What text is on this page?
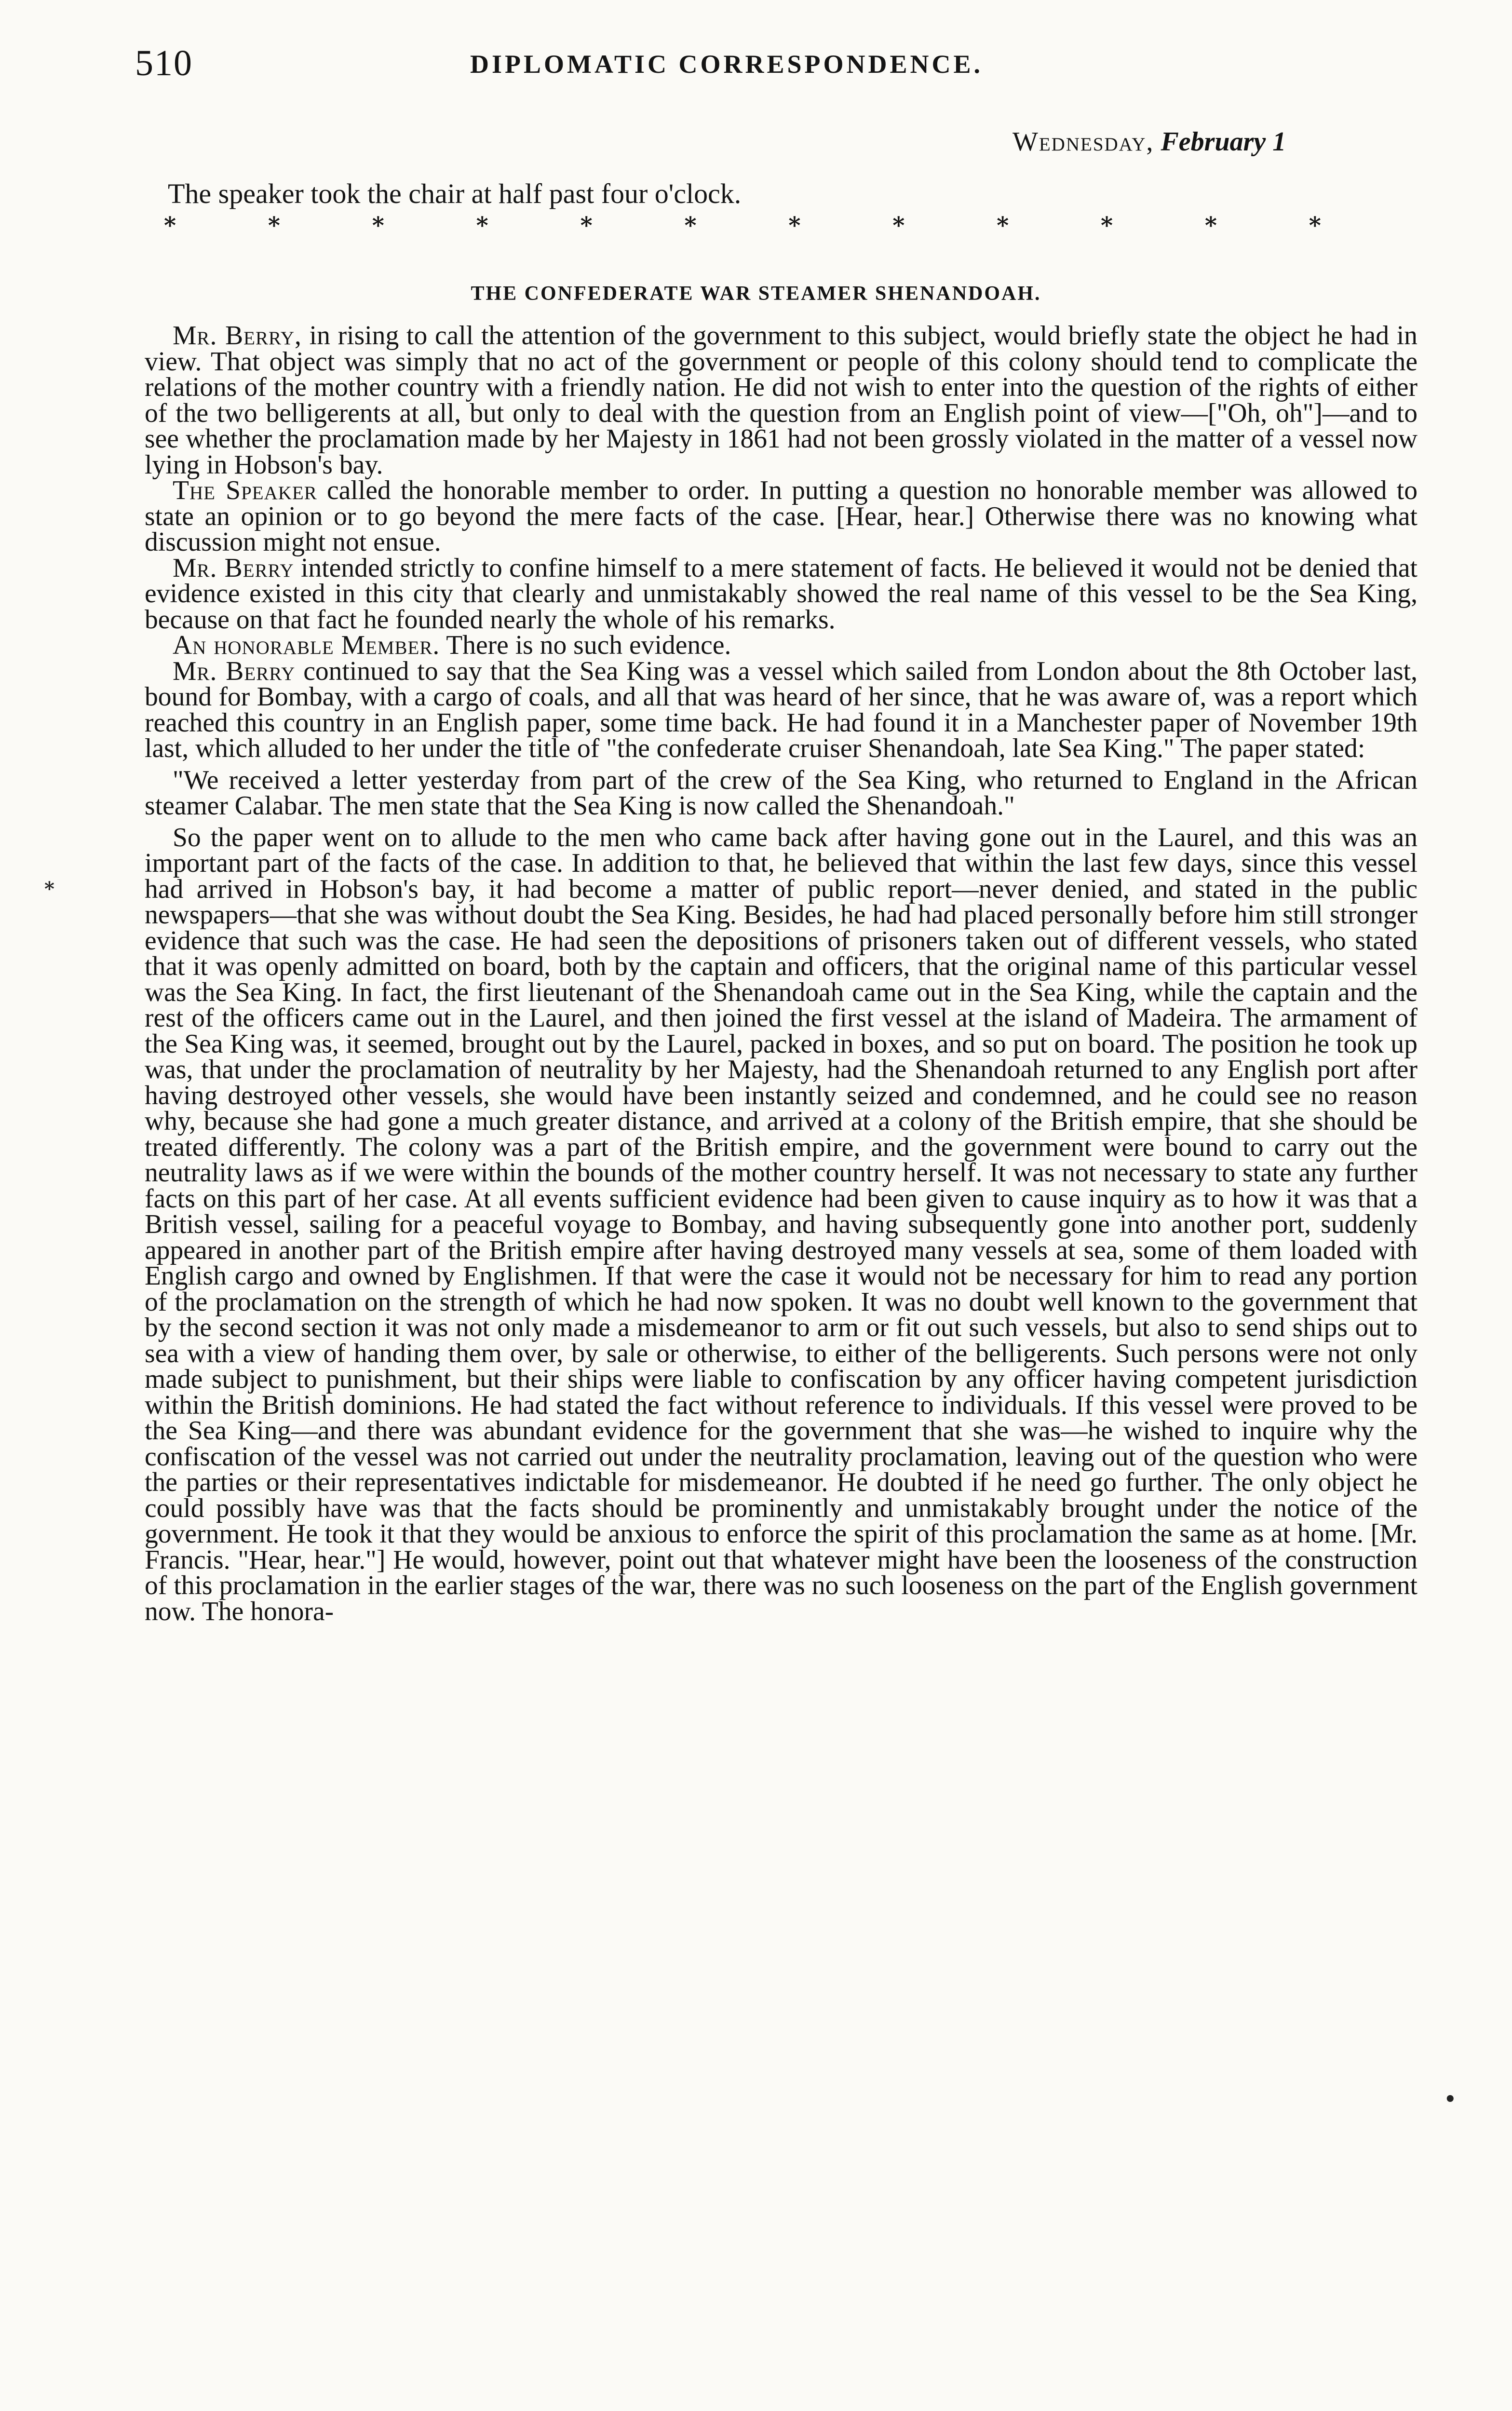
510	DIPLOMATIC CORRESPONDENCE.
Wednesday, February 1
The speaker took the chair at half past four o'clock.
*	*	*	*	*	*	*	*	*	*	*	*
THE CONFEDERATE WAR STEAMER SHENANDOAH.

Mr. Berry, in rising to call the attention of the government to this subject, would briefly state the object he had in view. That object was simply that no act of the government or people of this colony should tend to complicate the relations of the mother country with a friendly nation. He did not wish to enter into the question of the rights of either of the two belligerents at all, but only to deal with the question from an English point of view—["Oh, oh"]—and to see whether the proclamation made by her Majesty in 1861 had not been grossly violated in the matter of a vessel now lying in Hobson's bay.

The Speaker called the honorable member to order. In putting a question no honorable member was allowed to state an opinion or to go beyond the mere facts of the case. [Hear, hear.] Otherwise there was no knowing what discussion might not ensue.

Mr. Berry intended strictly to confine himself to a mere statement of facts. He believed it would not be denied that evidence existed in this city that clearly and unmistakably showed the real name of this vessel to be the Sea King, because on that fact he founded nearly the whole of his remarks.

An honorable Member. There is no such evidence.

Mr. Berry continued to say that the Sea King was a vessel which sailed from London about the 8th October last, bound for Bombay, with a cargo of coals, and all that was heard of her since, that he was aware of, was a report which reached this country in an English paper, some time back. He had found it in a Manchester paper of November 19th last, which alluded to her under the title of "the confederate cruiser Shenandoah, late Sea King." The paper stated:

"We received a letter yesterday from part of the crew of the Sea King, who returned to England in the African steamer Calabar. The men state that the Sea King is now called the Shenandoah."

So the paper went on to allude to the men who came back after having gone out in the Laurel, and this was an important part of the facts of the case. In addition to that, he believed that within the last few days, since this vessel had arrived in Hobson's bay, it had become a matter of public report—never denied, and stated in the public newspapers—that she was without doubt the Sea King. Besides, he had had placed personally before him still stronger evidence that such was the case. He had seen the depositions of prisoners taken out of different vessels, who stated that it was openly admitted on board, both by the captain and officers, that the original name of this particular vessel was the Sea King. In fact, the first lieutenant of the Shenandoah came out in the Sea King, while the captain and the rest of the officers came out in the Laurel, and then joined the first vessel at the island of Madeira. The armament of the Sea King was, it seemed, brought out by the Laurel, packed in boxes, and so put on board. The position he took up was, that under the proclamation of neutrality by her Majesty, had the Shenandoah returned to any English port after having destroyed other vessels, she would have been instantly seized and condemned, and he could see no reason why, because she had gone a much greater distance, and arrived at a colony of the British empire, that she should be treated differently. The colony was a part of the British empire, and the government were bound to carry out the neutrality laws as if we were within the bounds of the mother country herself. It was not necessary to state any further facts on this part of her case. At all events sufficient evidence had been given to cause inquiry as to how it was that a British vessel, sailing for a peaceful voyage to Bombay, and having subsequently gone into another port, suddenly appeared in another part of the British empire after having destroyed many vessels at sea, some of them loaded with English cargo and owned by Englishmen. If that were the case it would not be necessary for him to read any portion of the proclamation on the strength of which he had now spoken. It was no doubt well known to the government that by the second section it was not only made a misdemeanor to arm or fit out such vessels, but also to send ships out to sea with a view of handing them over, by sale or otherwise, to either of the belligerents. Such persons were not only made subject to punishment, but their ships were liable to confiscation by any officer having competent jurisdiction within the British dominions. He had stated the fact without reference to individuals. If this vessel were proved to be the Sea King—and there was abundant evidence for the government that she was—he wished to inquire why the confiscation of the vessel was not carried out under the neutrality proclamation, leaving out of the question who were the parties or their representatives indictable for misdemeanor. He doubted if he need go further. The only object he could possibly have was that the facts should be prominently and unmistakably brought under the notice of the government. He took it that they would be anxious to enforce the spirit of this proclamation the same as at home. [Mr. Francis. "Hear, hear."] He would, however, point out that whatever might have been the looseness of the construction of this proclamation in the earlier stages of the war, there was no such looseness on the part of the English government now. The honora-

*
•
